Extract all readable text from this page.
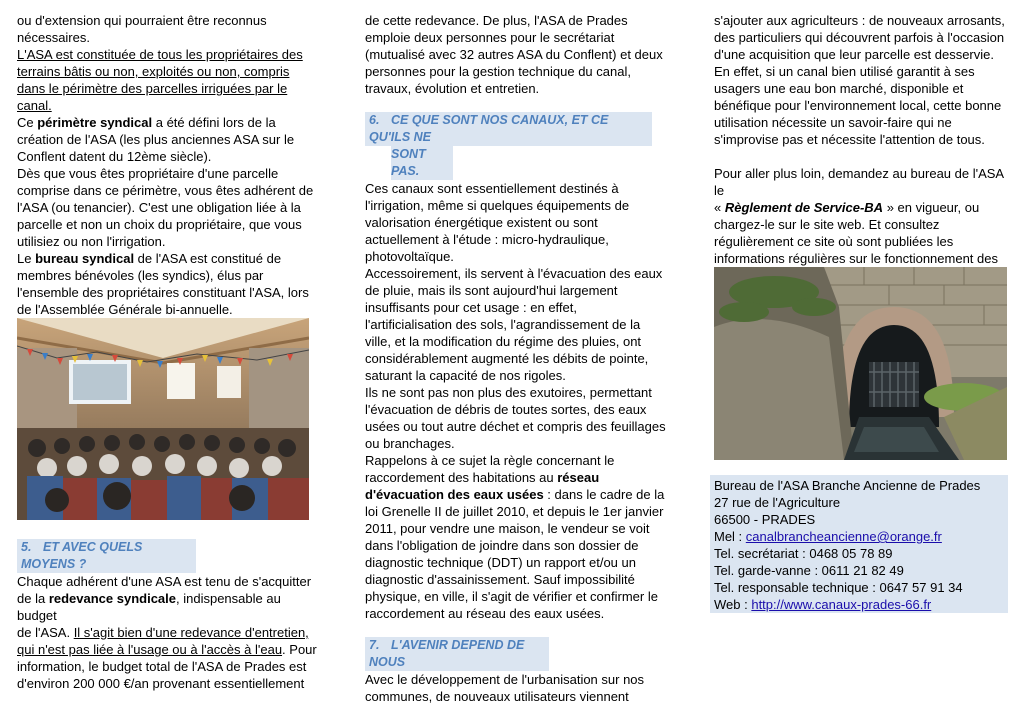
ou d'extension qui pourraient être reconnus

nécessaires.

L'ASA est constituée de tous les propriétaires des

terrains bâtis ou non, exploités ou non, compris

dans le périmètre des parcelles irriguées par le

canal.

Ce périmètre syndical a été défini lors de la

création de l'ASA (les plus anciennes ASA sur le

Conflent datent du 12ème siècle).

Dès que vous êtes propriétaire d'une parcelle

comprise dans ce périmètre, vous êtes adhérent de

l'ASA (ou tenancier). C'est une obligation liée à la

parcelle et non un choix du propriétaire, que vous

utilisiez ou non l'irrigation.

Le bureau syndical de l'ASA est constitué de

membres bénévoles (les syndics), élus par

l'ensemble des propriétaires constituant l'ASA, lors

de l'Assemblée Générale bi-annuelle.

5. ET AVEC QUELS MOYENS ?

Chaque adhérent d'une ASA est tenu de s'acquitter

de la redevance syndicale, indispensable au budget

de l'ASA. Il s'agit bien d'une redevance d'entretien,

qui n'est pas liée à l'usage ou à l'accès à l'eau. Pour

information, le budget total de l'ASA de Prades est

d'environ 200 000 €/an provenant essentiellement

de cette redevance. De plus, l'ASA de Prades

emploie deux personnes pour le secrétariat

(mutualisé avec 32 autres ASA du Conflent) et deux

personnes pour la gestion technique du canal,

travaux, évolution et entretien.

6. CE QUE SONT NOS CANAUX, ET CE QU'ILS NE
SONT PAS.

Ces canaux sont essentiellement destinés à

l'irrigation, même si quelques équipements de

valorisation énergétique existent ou sont

actuellement à l'étude : micro-hydraulique,

photovoltaïque.

Accessoirement, ils servent à l'évacuation des eaux

de pluie, mais ils sont aujourd'hui largement

insuffisants pour cet usage : en effet,

l'artificialisation des sols, l'agrandissement de la

ville, et la modification du régime des pluies, ont

considérablement augmenté les débits de pointe,

saturant la capacité de nos rigoles.

Ils ne sont pas non plus des exutoires, permettant

l'évacuation de débris de toutes sortes, des eaux

usées ou tout autre déchet et compris des feuillages

ou branchages.

Rappelons à ce sujet la règle concernant le

raccordement des habitations au réseau

d'évacuation des eaux usées : dans le cadre de la

loi Grenelle II de juillet 2010, et depuis le 1er janvier

2011, pour vendre une maison, le vendeur se voit

dans l'obligation de joindre dans son dossier de

diagnostic technique (DDT) un rapport et/ou un

diagnostic d'assainissement. Sauf impossibilité

physique, en ville, il s'agit de vérifier et confirmer le

raccordement au réseau des eaux usées.

7. L'AVENIR DEPEND DE NOUS

Avec le développement de l'urbanisation sur nos

communes, de nouveaux utilisateurs viennent

s'ajouter aux agriculteurs : de nouveaux arrosants,

des particuliers qui découvrent parfois à l'occasion

d'une acquisition que leur parcelle est desservie.

En effet, si un canal bien utilisé garantit à ses

usagers une eau bon marché, disponible et

bénéfique pour l'environnement local, cette bonne

utilisation nécessite un savoir-faire qui ne

s'improvise pas et nécessite l'attention de tous.

Pour aller plus loin, demandez au bureau de l'ASA le

« Règlement de Service-BA » en vigueur, ou

chargez-le sur le site web. Et consultez

régulièrement ce site où sont publiées les

informations régulières sur le fonctionnement des

Bureau de l'ASA Branche Ancienne de Prades

27 rue de l'Agriculture

66500 - PRADES

Mel : canalbrancheancienne@orange.fr

Tel. secrétariat : 0468 05 78 89

Tel. garde-vanne : 0611 21 82 49

Tel. responsable technique : 0647 57 91 34

Web : http://www.canaux-prades-66.fr
